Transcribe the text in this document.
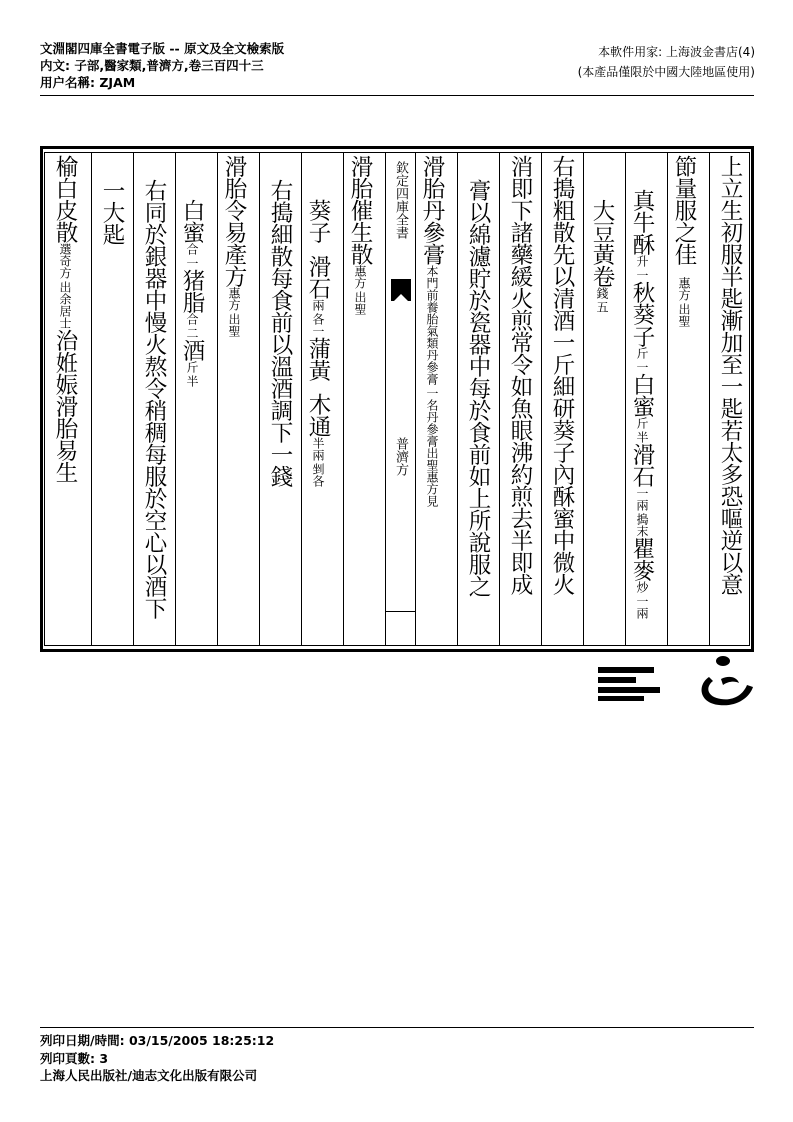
文淵閣四庫全書電子版 -- 原文及全文檢索版
内文: 子部,醫家類,普濟方,卷三百四十三
用户名稱: ZJAM
本軟件用家: 上海波金書店(4)
(本產品僅限於中國大陸地區使用)
上立生初服半匙漸加至一匙若太多恐嘔逆以意
節量服之佳
出聖
惠方
真牛酥
一
升
秋葵子
一
斤
白蜜
半
斤
滑石
搗末
一兩
瞿麥
一兩
炒
大豆黃卷
五
錢
右搗粗散先以清酒一斤細研葵子內酥蜜中微火
消即下諸藥緩火煎常令如魚眼沸約煎去半即成
膏以綿濾貯於瓷器中每於食前如上所說服之
滑胎丹參膏
一名丹參膏出聖惠方見
本門前養胎氣類丹參膏
欽定四庫全書
普濟方
滑胎催生散
出聖
惠方
葵子滑石
各一
兩
蒲黃木通
剉各
半兩
右搗細散每食前以溫酒調下一錢
滑胎令易產方
出聖
惠方
白蜜
一
合
猪脂
二
合
酒
半
斤
右同於銀器中慢火熬令稍稠每服於空心以酒下
一大匙
榆白皮散
出余居士
選奇方
治姙娠滑胎易生
列印日期/時間: 03/15/2005 18:25:12
列印頁數: 3
上海人民出版社/迪志文化出版有限公司
